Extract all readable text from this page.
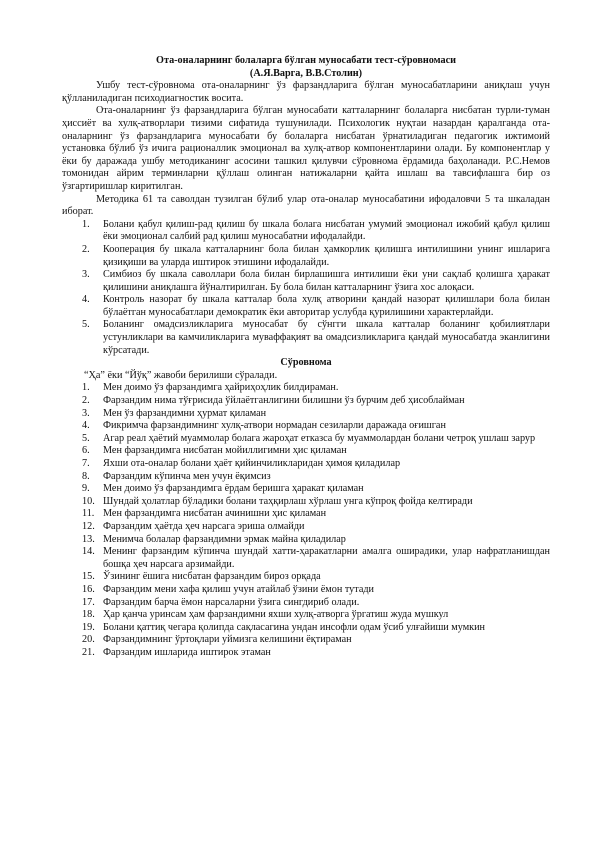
Ота-оналарнинг болаларга бўлган муносабати тест-сўровномаси

(А.Я.Варга, В.В.Столин)

Ушбу тест-сўровнома ота-оналарнинг ўз фарзандларига бўлган муносабатларини аниқлаш учун қўлланиладиган психодиагностик восита.

Ота-оналарнинг ўз фарзандларига бўлган муносабати катталарнинг болаларга нисбатан турли-туман ҳиссиёт ва хулқ-атворлари тизими сифатида тушунилади. Психологик нуқтаи назардан қаралганда ота-оналарнинг ўз фарзандларига муносабати бу болаларга нисбатан ўрнатиладиган педагогик ижтимоий установка бўлиб ўз ичига рационаллик эмоционал ва хулқ-атвор компонентларини олади. Бу компонентлар у ёки бу даражада ушбу методиканинг асосини ташкил қилувчи сўровнома ёрдамида баҳоланади. Р.С.Немов томонидан айрим терминларни қўллаш олинган натижаларни қайта ишлаш ва тавсифлашга бир оз ўзгартиришлар киритилган.

Методика 61 та саволдан тузилган бўлиб улар ота-оналар муносабатини ифодаловчи 5 та шкаладан иборат.

1. Болани қабул қилиш-рад қилиш бу шкала болага нисбатан умумий эмоционал ижобий қабул қилиш ёки эмоционал салбий рад қилиш муносабатни ифодалайди.
2. Кооперация бу шкала катталарнинг бола билан ҳамкорлик қилишга интилишини унинг ишларига қизиқиши ва уларда иштирок этишини ифодалайди.
3. Симбиоз бу шкала саволлари бола билан бирлашишга интилиши ёки уни сақлаб қолишга ҳаракат қилишини аниқлашга йўналтирилган. Бу бола билан катталарнинг ўзига хос алоқаси.
4. Контроль назорат бу шкала катталар бола хулқ атворини қандай назорат қилишлари бола билан бўлаётган муносабатлари демократик ёки авторитар услубда қурилишини характерлайди.
5. Боланинг омадсизликларига муносабат бу сўнгги шкала катталар боланинг қобилиятлари устунликлари ва камчиликларига муваффақият ва омадсизликларига қандай муносабатда эканлигини кўрсатади.

Сўровнома

“Ҳа” ёки “Йўқ” жавоби берилиши сўралади.

1. Мен доимо ўз фарзандимга ҳайриҳоҳлик билдираман.
2. Фарзандим нима тўғрисида ўйлаётганлигини билишни ўз бурчим деб ҳисоблайман
3. Мен ўз фарзандимни ҳурмат қиламан
4. Фикримча фарзандимнинг хулқ-атвори нормадан сезиларли даражада оғишган
5. Агар реал ҳаётий муаммолар болага жароҳат етказса бу муаммолардан болани четроқ ушлаш зарур
6. Мен фарзандимга нисбатан мойиллигимни ҳис қиламан
7. Яхши ота-оналар болани ҳаёт қийинчиликларидан ҳимоя қиладилар
8. Фарзандим кўпинча мен учун ёқимсиз
9. Мен доимо ўз фарзандимга ёрдам беришга ҳаракат қиламан
10. Шундай ҳолатлар бўладики болани таҳқирлаш хўрлаш унга кўпроқ фойда келтиради
11. Мен фарзандимга нисбатан ачинишни ҳис қиламан
12. Фарзандим ҳаётда ҳеч нарсага эриша олмайди
13. Менимча болалар фарзандимни эрмак майна қиладилар
14. Менинг фарзандим кўпинча шундай хатти-ҳаракатларни амалга оширадики, улар нафратланишдан бошқа ҳеч нарсага арзимайди.
15. Ўзининг ёшига нисбатан фарзандим бироз орқада
16. Фарзандим мени хафа қилиш учун атайлаб ўзини ёмон тутади
17. Фарзандим барча ёмон нарсаларни ўзига сингдириб олади.
18. Ҳар қанча уринсам ҳам фарзандимни яхши хулқ-атворга ўргатиш жуда мушкул
19. Болани қаттиқ чегара қолипда сақласагина ундан инсофли одам ўсиб улғайиши мумкин
20. Фарзандимнинг ўртоқлари уймизга келишини ёқтираман
21. Фарзандим ишларида иштирок этаман
